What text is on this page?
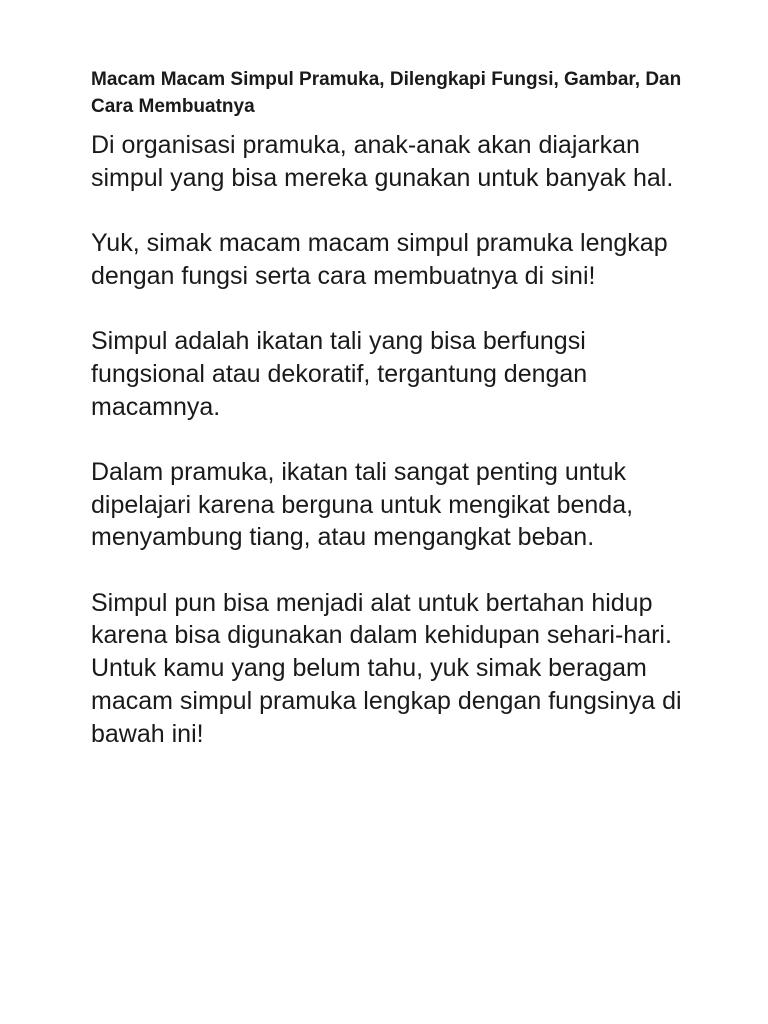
Macam Macam Simpul Pramuka, Dilengkapi Fungsi, Gambar, Dan Cara Membuatnya

Di organisasi pramuka, anak-anak akan diajarkan simpul yang bisa mereka gunakan untuk banyak hal.

Yuk, simak macam macam simpul pramuka lengkap dengan fungsi serta cara membuatnya di sini!

Simpul adalah ikatan tali yang bisa berfungsi fungsional atau dekoratif, tergantung dengan macamnya.

Dalam pramuka, ikatan tali sangat penting untuk dipelajari karena berguna untuk mengikat benda, menyambung tiang, atau mengangkat beban.

Simpul pun bisa menjadi alat untuk bertahan hidup karena bisa digunakan dalam kehidupan sehari-hari.

Untuk kamu yang belum tahu, yuk simak beragam macam simpul pramuka lengkap dengan fungsinya di bawah ini!
